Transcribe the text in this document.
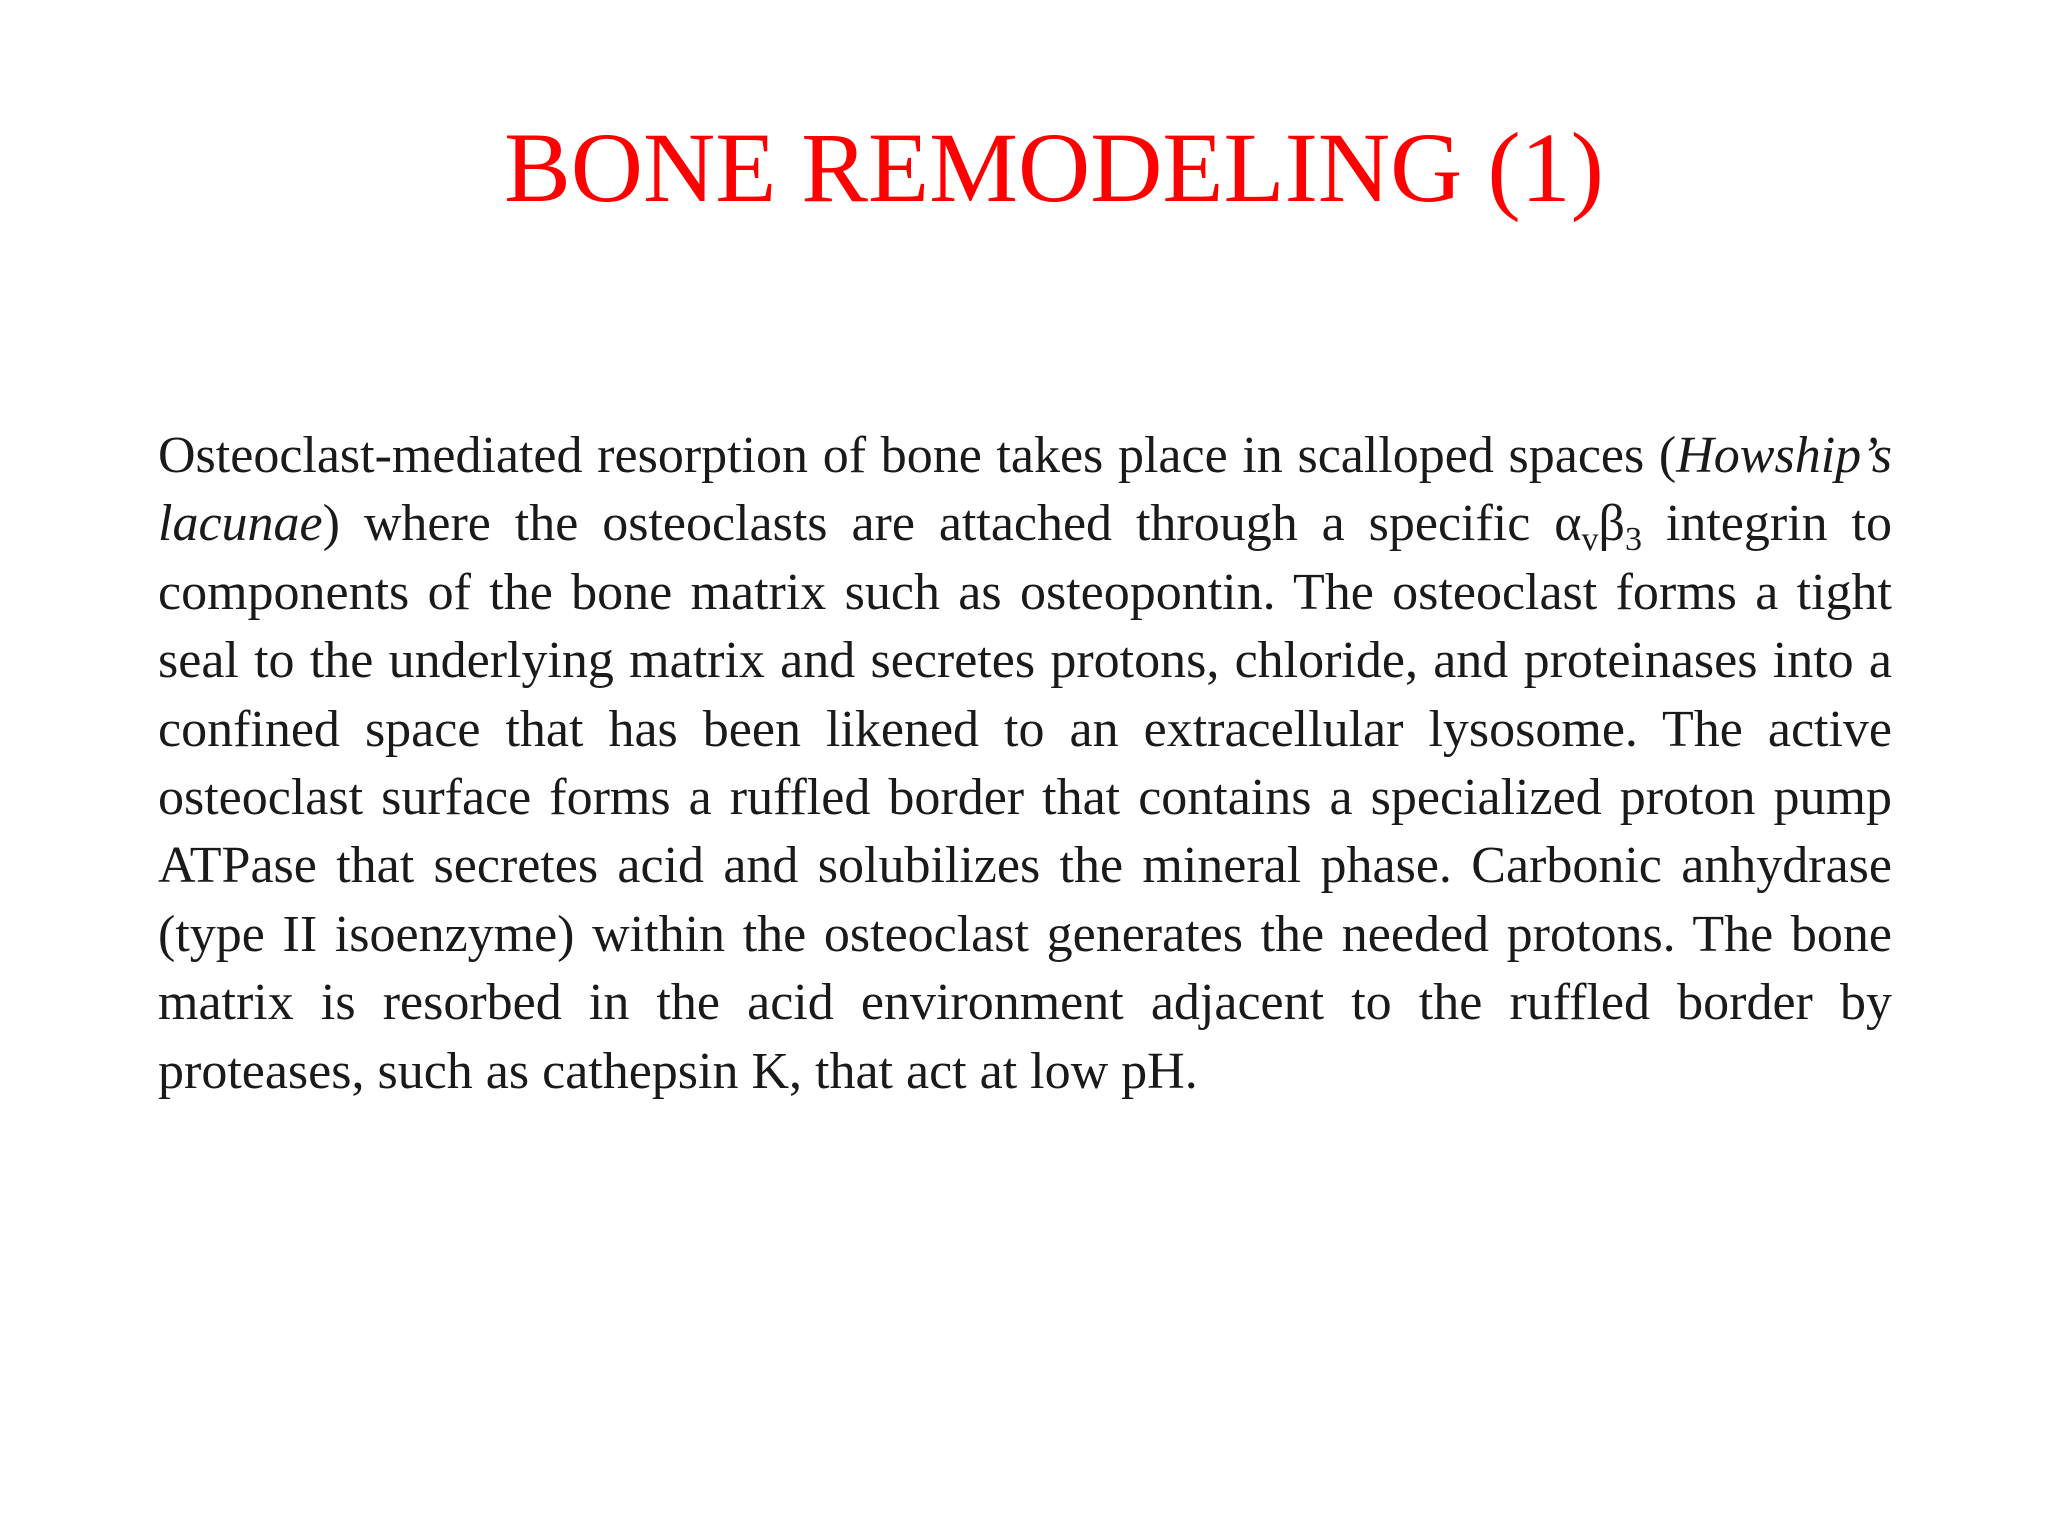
BONE REMODELING (1)

Osteoclast-mediated resorption of bone takes place in scalloped spaces (Howship’s lacunae) where the osteoclasts are attached through a specific $\alpha_v\beta_3$ integrin to components of the bone matrix such as osteopontin. The osteoclast forms a tight seal to the underlying matrix and secretes protons, chloride, and proteinases into a confined space that has been likened to an extracellular lysosome. The active osteoclast surface forms a ruffled border that contains a specialized proton pump ATPase that secretes acid and solubilizes the mineral phase. Carbonic anhydrase (type II isoenzyme) within the osteoclast generates the needed protons. The bone matrix is resorbed in the acid environment adjacent to the ruffled border by proteases, such as cathepsin K, that act at low pH.
